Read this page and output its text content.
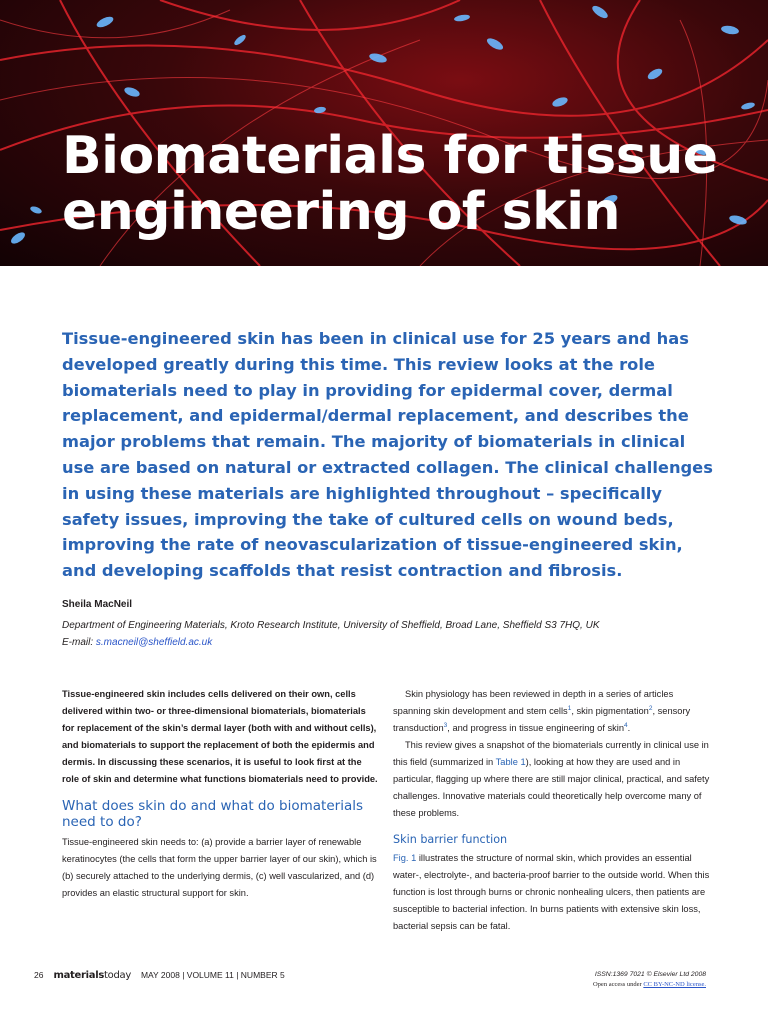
Biomaterials for tissue
engineering of skin

Tissue-engineered skin has been in clinical use for 25 years and has developed greatly during this time. This review looks at the role biomaterials need to play in providing for epidermal cover, dermal replacement, and epidermal/dermal replacement, and describes the major problems that remain. The majority of biomaterials in clinical use are based on natural or extracted collagen. The clinical challenges in using these materials are highlighted throughout – specifically safety issues, improving the take of cultured cells on wound beds, improving the rate of neovascularization of tissue-engineered skin, and developing scaffolds that resist contraction and fibrosis.

Sheila MacNeil

Department of Engineering Materials, Kroto Research Institute, University of Sheffield, Broad Lane, Sheffield S3 7HQ, UK

E-mail: s.macneil@sheffield.ac.uk

Tissue-engineered skin includes cells delivered on their own, cells delivered within two- or three-dimensional biomaterials, biomaterials for replacement of the skin’s dermal layer (both with and without cells), and biomaterials to support the replacement of both the epidermis and dermis. In discussing these scenarios, it is useful to look first at the role of skin and determine what functions biomaterials need to provide.

What does skin do and what do biomaterials need to do?

Tissue-engineered skin needs to: (a) provide a barrier layer of renewable keratinocytes (the cells that form the upper barrier layer of our skin), which is (b) securely attached to the underlying dermis, (c) well vascularized, and (d) provides an elastic structural support for skin.

Skin physiology has been reviewed in depth in a series of articles spanning skin development and stem cells$^1$, skin pigmentation$^2$, sensory transduction$^3$, and progress in tissue engineering of skin$^4$.

This review gives a snapshot of the biomaterials currently in clinical use in this field (summarized in Table 1), looking at how they are used and in particular, flagging up where there are still major clinical, practical, and safety challenges. Innovative materials could theoretically help overcome many of these problems.

Skin barrier function

Fig. 1 illustrates the structure of normal skin, which provides an essential water-, electrolyte-, and bacteria-proof barrier to the outside world. When this function is lost through burns or chronic nonhealing ulcers, then patients are susceptible to bacterial infection. In burns patients with extensive skin loss, bacterial sepsis can be fatal.

26 materialstoday MAY 2008 | VOLUME 11 | NUMBER 5	ISSN:1369 7021 © Elsevier Ltd 2008
Open access under CC BY-NC-ND license.
